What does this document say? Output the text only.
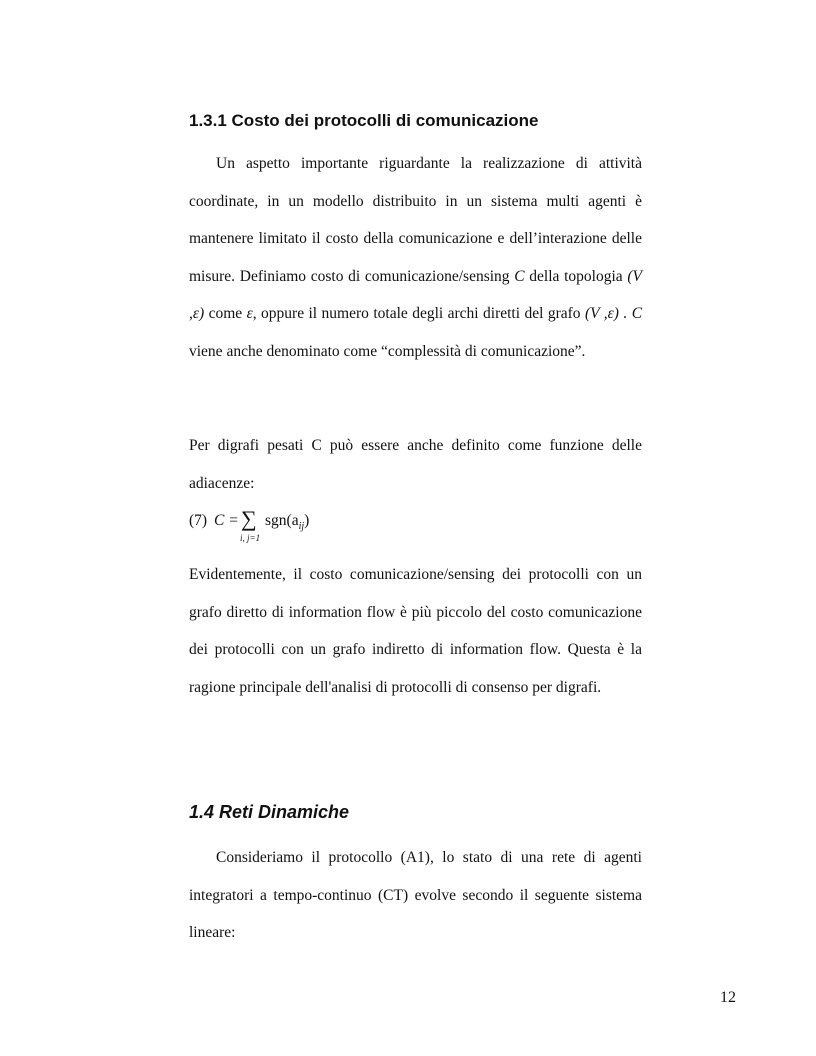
1.3.1 Costo dei protocolli di comunicazione

Un aspetto importante riguardante la realizzazione di attività coordinate, in un modello distribuito in un sistema multi agenti è mantenere limitato il costo della comunicazione e dell’interazione delle misure. Definiamo costo di comunicazione/sensing C della topologia (V ,ε) come ε, oppure il numero totale degli archi diretti del grafo (V ,ε) . C viene anche denominato come “complessità di comunicazione”.

Per digrafi pesati C può essere anche definito come funzione delle adiacenze:

(7) C = ∑
i, j=1
$sgn(a_{ij})$

Evidentemente, il costo comunicazione/sensing dei protocolli con un grafo diretto di information flow è più piccolo del costo comunicazione dei protocolli con un grafo indiretto di information flow. Questa è la ragione principale dell'analisi di protocolli di consenso per digrafi.

1.4 Reti Dinamiche

Consideriamo il protocollo (A1), lo stato di una rete di agenti integratori a tempo-continuo (CT) evolve secondo il seguente sistema lineare:

12
